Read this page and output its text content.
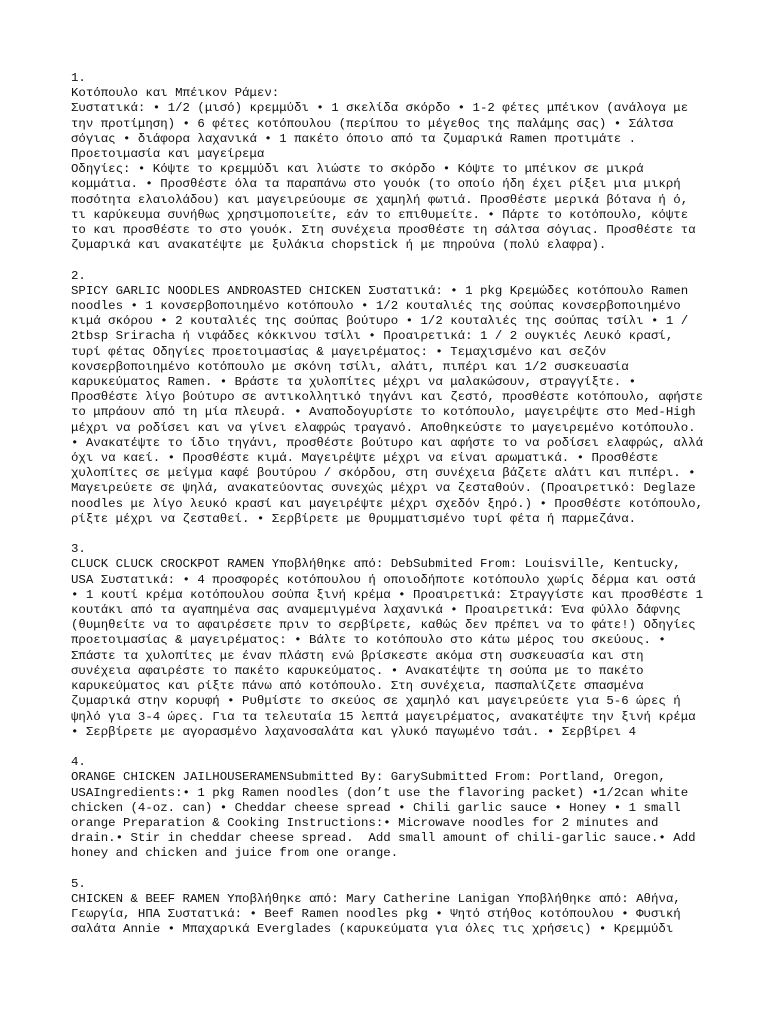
1.
Κοτόπουλο και Μπέικον Ράμεν:
Συστατικά: • 1/2 (μισό) κρεμμύδι • 1 σκελίδα σκόρδο • 1-2 φέτες μπέικον (ανάλογα με την προτίμηση) • 6 φέτες κοτόπουλου (περίπου το μέγεθος της παλάμης σας) • Σάλτσα σόγιας • διάφορα λαχανικά • 1 πακέτο όποιο από τα ζυμαρικά Ramen προτιμάτε .
Προετοιμασία και μαγείρεμα
Οδηγίες: • Κόψτε το κρεμμύδι και λιώστε το σκόρδο • Κόψτε το μπέικον σε μικρά κομμάτια. • Προσθέστε όλα τα παραπάνω στο γουόκ (το οποίο ήδη έχει ρίξει μια μικρή ποσότητα ελαιολάδου) και μαγειρεύουμε σε χαμηλή φωτιά. Προσθέστε μερικά βότανα ή ό, τι καρύκευμα συνήθως χρησιμοποιείτε, εάν το επιθυμείτε. • Πάρτε το κοτόπουλο, κόψτε το και προσθέστε το στο γουόκ. Στη συνέχεια προσθέστε τη σάλτσα σόγιας. Προσθέστε τα ζυμαρικά και ανακατέψτε με ξυλάκια chopstick ή με πηρούνα (πολύ ελαφρα).
2.
SPICY GARLIC NOODLES ANDROASTED CHICKEN Συστατικά: • 1 pkg Κρεμώδες κοτόπουλο Ramen noodles • 1 κονσερβοποιημένο κοτόπουλο • 1/2 κουταλιές της σούπας κονσερβοποιημένο κιμά σκόρου • 2 κουταλιές της σούπας βούτυρο • 1/2 κουταλιές της σούπας τσίλι • 1 / 2tbsp Sriracha ή νιφάδες κόκκινου τσίλι • Προαιρετικά: 1 / 2 ουγκιές Λευκό κρασί, τυρί φέτας Οδηγίες προετοιμασίας & μαγειρέματος: • Τεμαχισμένο και σεζόν κονσερβοποιημένο κοτόπουλο με σκόνη τσίλι, αλάτι, πιπέρι και 1/2 συσκευασία καρυκεύματος Ramen. • Βράστε τα χυλοπίτες μέχρι να μαλακώσουν, στραγγίξτε. • Προσθέστε λίγο βούτυρο σε αντικολλητικό τηγάνι και ζεστό, προσθέστε κοτόπουλο, αφήστε το μπράουν από τη μία πλευρά. • Αναποδογυρίστε το κοτόπουλο, μαγειρέψτε στο Med-High μέχρι να ροδίσει και να γίνει ελαφρώς τραγανό. Αποθηκεύστε το μαγειρεμένο κοτόπουλο. • Ανακατέψτε το ίδιο τηγάνι, προσθέστε βούτυρο και αφήστε το να ροδίσει ελαφρώς, αλλά όχι να καεί. • Προσθέστε κιμά. Μαγειρέψτε μέχρι να είναι αρωματικά. • Προσθέστε χυλοπίτες σε μείγμα καφέ βουτύρου / σκόρδου, στη συνέχεια βάζετε αλάτι και πιπέρι. • Μαγειρεύετε σε ψηλά, ανακατεύοντας συνεχώς μέχρι να ζεσταθούν. (Προαιρετικό: Deglaze noodles με λίγο λευκό κρασί και μαγειρέψτε μέχρι σχεδόν ξηρό.) • Προσθέστε κοτόπουλο, ρίξτε μέχρι να ζεσταθεί. • Σερβίρετε με θρυμματισμένο τυρί φέτα ή παρμεζάνα.
3.
CLUCK CLUCK CROCKPOT RAMEN Υποβλήθηκε από: DebSubmited From: Louisville, Kentucky, USA Συστατικά: • 4 προσφορές κοτόπουλου ή οποιοδήποτε κοτόπουλο χωρίς δέρμα και οστά • 1 κουτί κρέμα κοτόπουλου σούπα ξινή κρέμα • Προαιρετικά: Στραγγίστε και προσθέστε 1 κουτάκι από τα αγαπημένα σας αναμεμιγμένα λαχανικά • Προαιρετικά: Ένα φύλλο δάφνης (θυμηθείτε να το αφαιρέσετε πριν το σερβίρετε, καθώς δεν πρέπει να το φάτε!) Οδηγίες προετοιμασίας & μαγειρέματος: • Βάλτε το κοτόπουλο στο κάτω μέρος του σκεύους. • Σπάστε τα χυλοπίτες με έναν πλάστη ενώ βρίσκεστε ακόμα στη συσκευασία και στη συνέχεια αφαιρέστε το πακέτο καρυκεύματος. • Ανακατέψτε τη σούπα με το πακέτο καρυκεύματος και ρίξτε πάνω από κοτόπουλο. Στη συνέχεια, πασπαλίζετε σπασμένα ζυμαρικά στην κορυφή • Ρυθμίστε το σκεύος σε χαμηλό και μαγειρεύετε για 5-6 ώρες ή ψηλό για 3-4 ώρες. Για τα τελευταία 15 λεπτά μαγειρέματος, ανακατέψτε την ξινή κρέμα • Σερβίρετε με αγορασμένο λαχανοσαλάτα και γλυκό παγωμένο τσάι. • Σερβίρει 4
4.
ORANGE CHICKEN JAILHOUSERAMENSubmitted By: GarySubmitted From: Portland, Oregon, USAIngredients:• 1 pkg Ramen noodles (don’t use the flavoring packet) •1/2can white chicken (4-oz. can) • Cheddar cheese spread • Chili garlic sauce • Honey • 1 small orange Preparation & Cooking Instructions:• Microwave noodles for 2 minutes and drain.• Stir in cheddar cheese spread.  Add small amount of chili-garlic sauce.• Add honey and chicken and juice from one orange.
5.
CHICKEN & BEEF RAMEN Υποβλήθηκε από: Mary Catherine Lanigan Υποβλήθηκε από: Αθήνα, Γεωργία, ΗΠΑ Συστατικά: • Beef Ramen noodles pkg • Ψητό στήθος κοτόπουλου • Φυσική σαλάτα Annie • Μπαχαρικά Everglades (καρυκεύματα για όλες τις χρήσεις) • Κρεμμύδι
